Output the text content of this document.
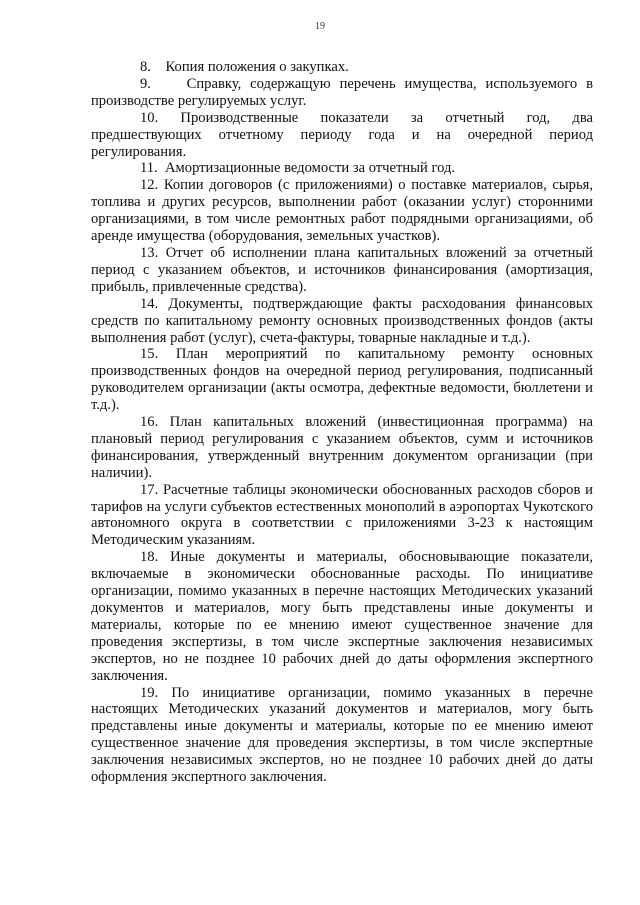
19

8.    Копия положения о закупках.

9.    Справку, содержащую перечень имущества, используемого в производстве регулируемых услуг.

10. Производственные показатели за отчетный год, два предшествующих отчетному периоду года и на очередной период регулирования.

11.  Амортизационные ведомости за отчетный год.

12. Копии договоров (с приложениями) о поставке материалов, сырья, топлива и других ресурсов, выполнении работ (оказании услуг) сторонними организациями, в том числе ремонтных работ подрядными организациями, об аренде имущества (оборудования, земельных участков).

13. Отчет об исполнении плана капитальных вложений за отчетный период с указанием объектов, и источников финансирования (амортизация, прибыль, привлеченные средства).

14. Документы, подтверждающие факты расходования финансовых средств по капитальному ремонту основных производственных фондов (акты выполнения работ (услуг), счета-фактуры, товарные накладные и т.д.).

15. План мероприятий по капитальному ремонту основных производственных фондов на очередной период регулирования, подписанный руководителем организации (акты осмотра, дефектные ведомости, бюллетени и т.д.).

16. План капитальных вложений (инвестиционная программа) на плановый период регулирования с указанием объектов, сумм и источников финансирования, утвержденный внутренним документом организации (при наличии).

17. Расчетные таблицы экономически обоснованных расходов сборов и тарифов на услуги субъектов естественных монополий в аэропортах Чукотского автономного округа в соответствии с приложениями 3-23 к настоящим Методическим указаниям.

18. Иные документы и материалы, обосновывающие показатели, включаемые в экономически обоснованные расходы. По инициативе организации, помимо указанных в перечне настоящих Методических указаний документов и материалов, могу быть представлены иные документы и материалы, которые по ее мнению имеют существенное значение для проведения экспертизы, в том числе экспертные заключения независимых экспертов, но не позднее 10 рабочих дней до даты оформления экспертного заключения.

19. По инициативе организации, помимо указанных в перечне настоящих Методических указаний документов и материалов, могу быть представлены иные документы и материалы, которые по ее мнению имеют существенное значение для проведения экспертизы, в том числе экспертные заключения независимых экспертов, но не позднее 10 рабочих дней до даты оформления экспертного заключения.
